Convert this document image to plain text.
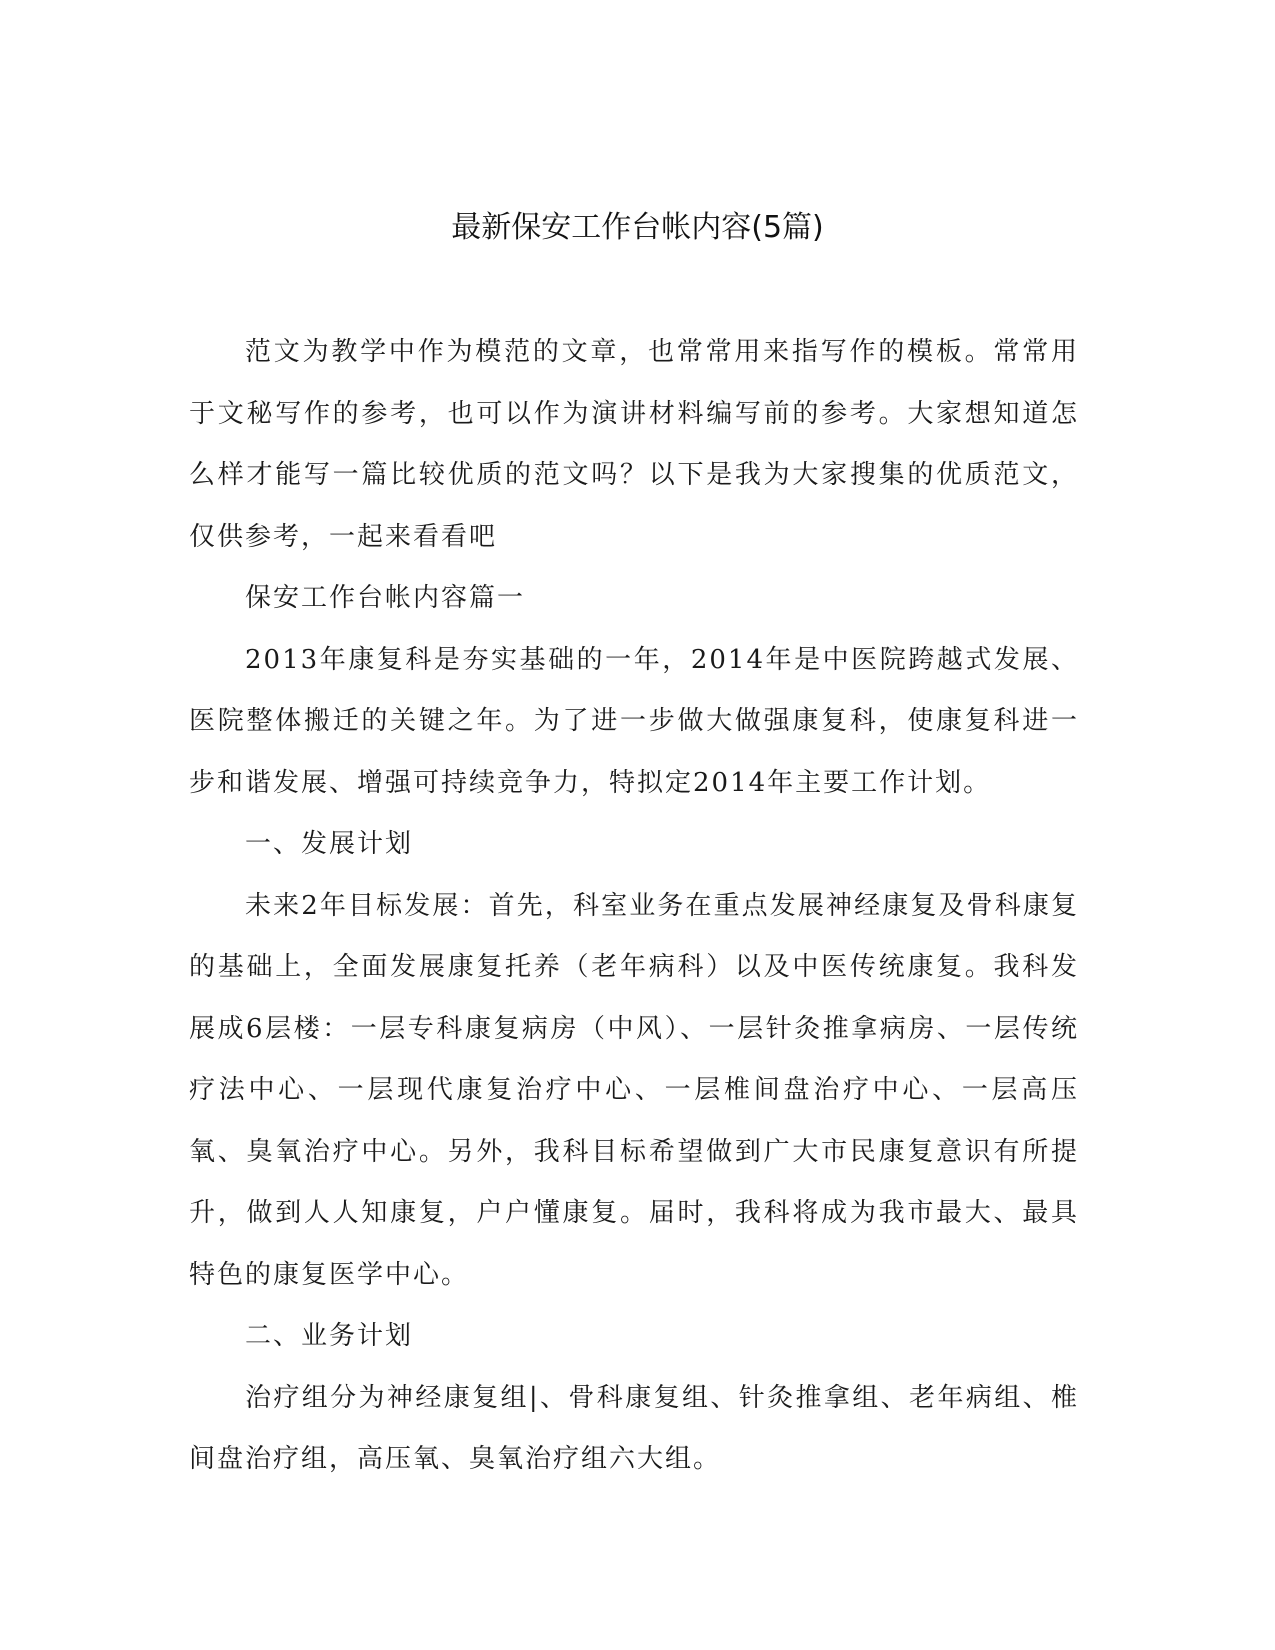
最新保安工作台帐内容(5篇)

范文为教学中作为模范的文章，也常常用来指写作的模板。常常用于文秘写作的参考，也可以作为演讲材料编写前的参考。大家想知道怎么样才能写一篇比较优质的范文吗？以下是我为大家搜集的优质范文，仅供参考，一起来看看吧

保安工作台帐内容篇一

2013年康复科是夯实基础的一年，2014年是中医院跨越式发展、医院整体搬迁的关键之年。为了进一步做大做强康复科，使康复科进一步和谐发展、增强可持续竞争力，特拟定2014年主要工作计划。

一、发展计划

未来2年目标发展：首先，科室业务在重点发展神经康复及骨科康复的基础上，全面发展康复托养（老年病科）以及中医传统康复。我科发展成6层楼：一层专科康复病房（中风）、一层针灸推拿病房、一层传统疗法中心、一层现代康复治疗中心、一层椎间盘治疗中心、一层高压氧、臭氧治疗中心。另外，我科目标希望做到广大市民康复意识有所提升，做到人人知康复，户户懂康复。届时，我科将成为我市最大、最具特色的康复医学中心。

二、业务计划

治疗组分为神经康复组|、骨科康复组、针灸推拿组、老年病组、椎间盘治疗组，高压氧、臭氧治疗组六大组。
